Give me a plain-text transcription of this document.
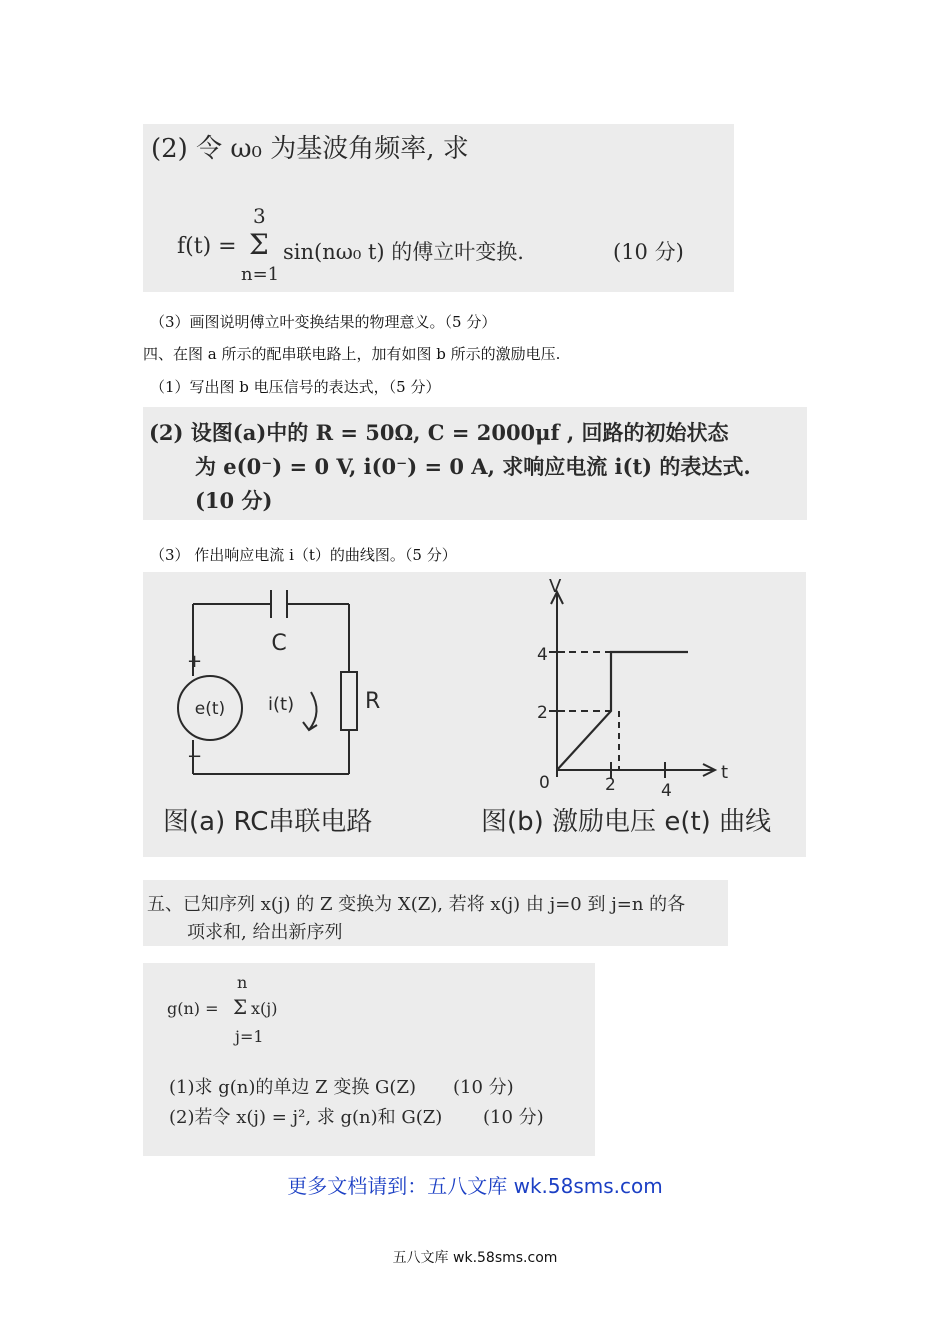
(2) 令 ω₀ 为基波角频率, 求
3
f(t) = Σ sin(nω₀ t) 的傅立叶变换.	(10 分)
n=1
（3）画图说明傅立叶变换结果的物理意义。（5 分）
四、在图 a 所示的配串联电路上，加有如图 b 所示的激励电压.
（1）写出图 b 电压信号的表达式，（5 分）
(2) 设图(a)中的 R = 50Ω, C = 2000μf , 回路的初始状态
为 e(0⁻) = 0 V, i(0⁻) = 0 A, 求响应电流 i(t) 的表达式.
(10 分)
（3） 作出响应电流 i（t）的曲线图。（5 分）
C
R
e(t) i(t)
+
−
图(a) RC串联电路
V
t
0
4
2
2	4
图(b) 激励电压 e(t) 曲线
五、已知序列 x(j) 的 Z 变换为 X(Z), 若将 x(j) 由 j=0 到 j=n 的各
项求和, 给出新序列
n
g(n) = Σ x(j)
j=1
(1)求 g(n)的单边 Z 变换 G(Z) (10 分)
(2)若令 x(j) = j², 求 g(n)和 G(Z) (10 分)
更多文档请到：五八文库 wk.58sms.com
五八文库 wk.58sms.com
